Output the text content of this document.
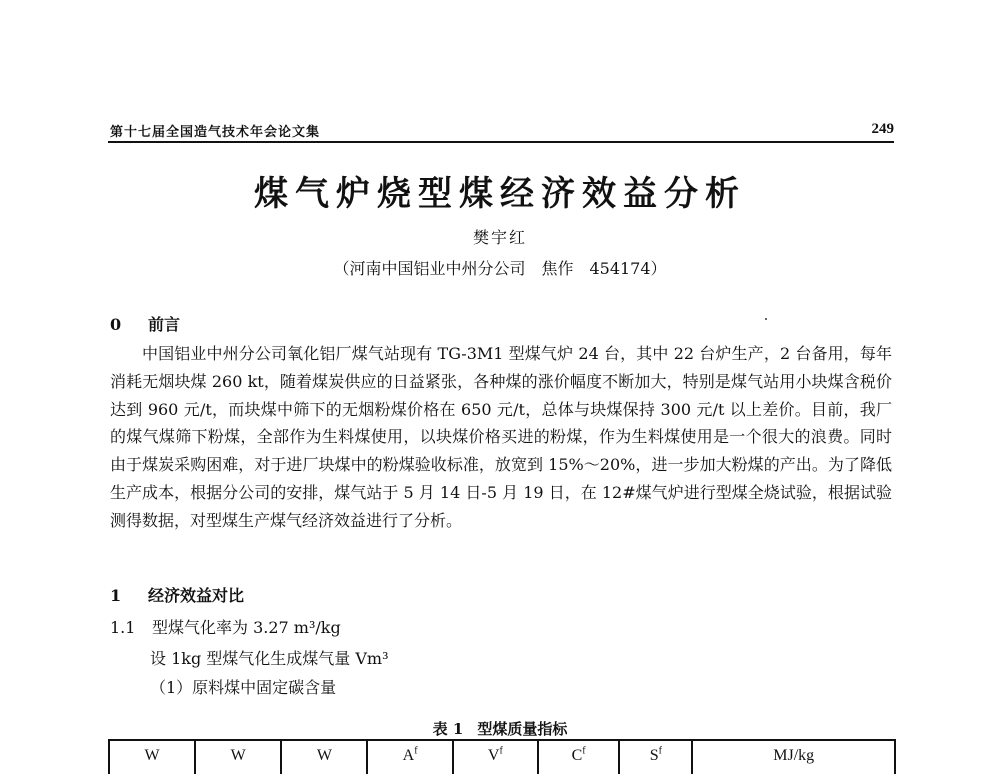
第十七届全国造气技术年会论文集	249
煤气炉烧型煤经济效益分析
樊宇红
（河南中国铝业中州分公司　焦作　454174）
0 前言

中国铝业中州分公司氧化铝厂煤气站现有 TG-3M1 型煤气炉 24 台，其中 22 台炉生产，2 台备用，每年消耗无烟块煤 260 kt，随着煤炭供应的日益紧张，各种煤的涨价幅度不断加大，特别是煤气站用小块煤含税价达到 960 元/t，而块煤中筛下的无烟粉煤价格在 650 元/t，总体与块煤保持 300 元/t 以上差价。目前，我厂的煤气煤筛下粉煤，全部作为生料煤使用，以块煤价格买进的粉煤，作为生料煤使用是一个很大的浪费。同时由于煤炭采购困难，对于进厂块煤中的粉煤验收标准，放宽到 15%～20%，进一步加大粉煤的产出。为了降低生产成本，根据分公司的安排，煤气站于 5 月 14 日-5 月 19 日，在 12#煤气炉进行型煤全烧试验，根据试验测得数据，对型煤生产煤气经济效益进行了分析。

1 经济效益对比
1.1 型煤气化率为 3.27 m³/kg
设 1kg 型煤气化生成煤气量 Vm³
（1）原料煤中固定碳含量
表 1 型煤质量指标
W	W	W	$A^f$	$V^f$	$C^f$	$S^f$	MJ/kg
